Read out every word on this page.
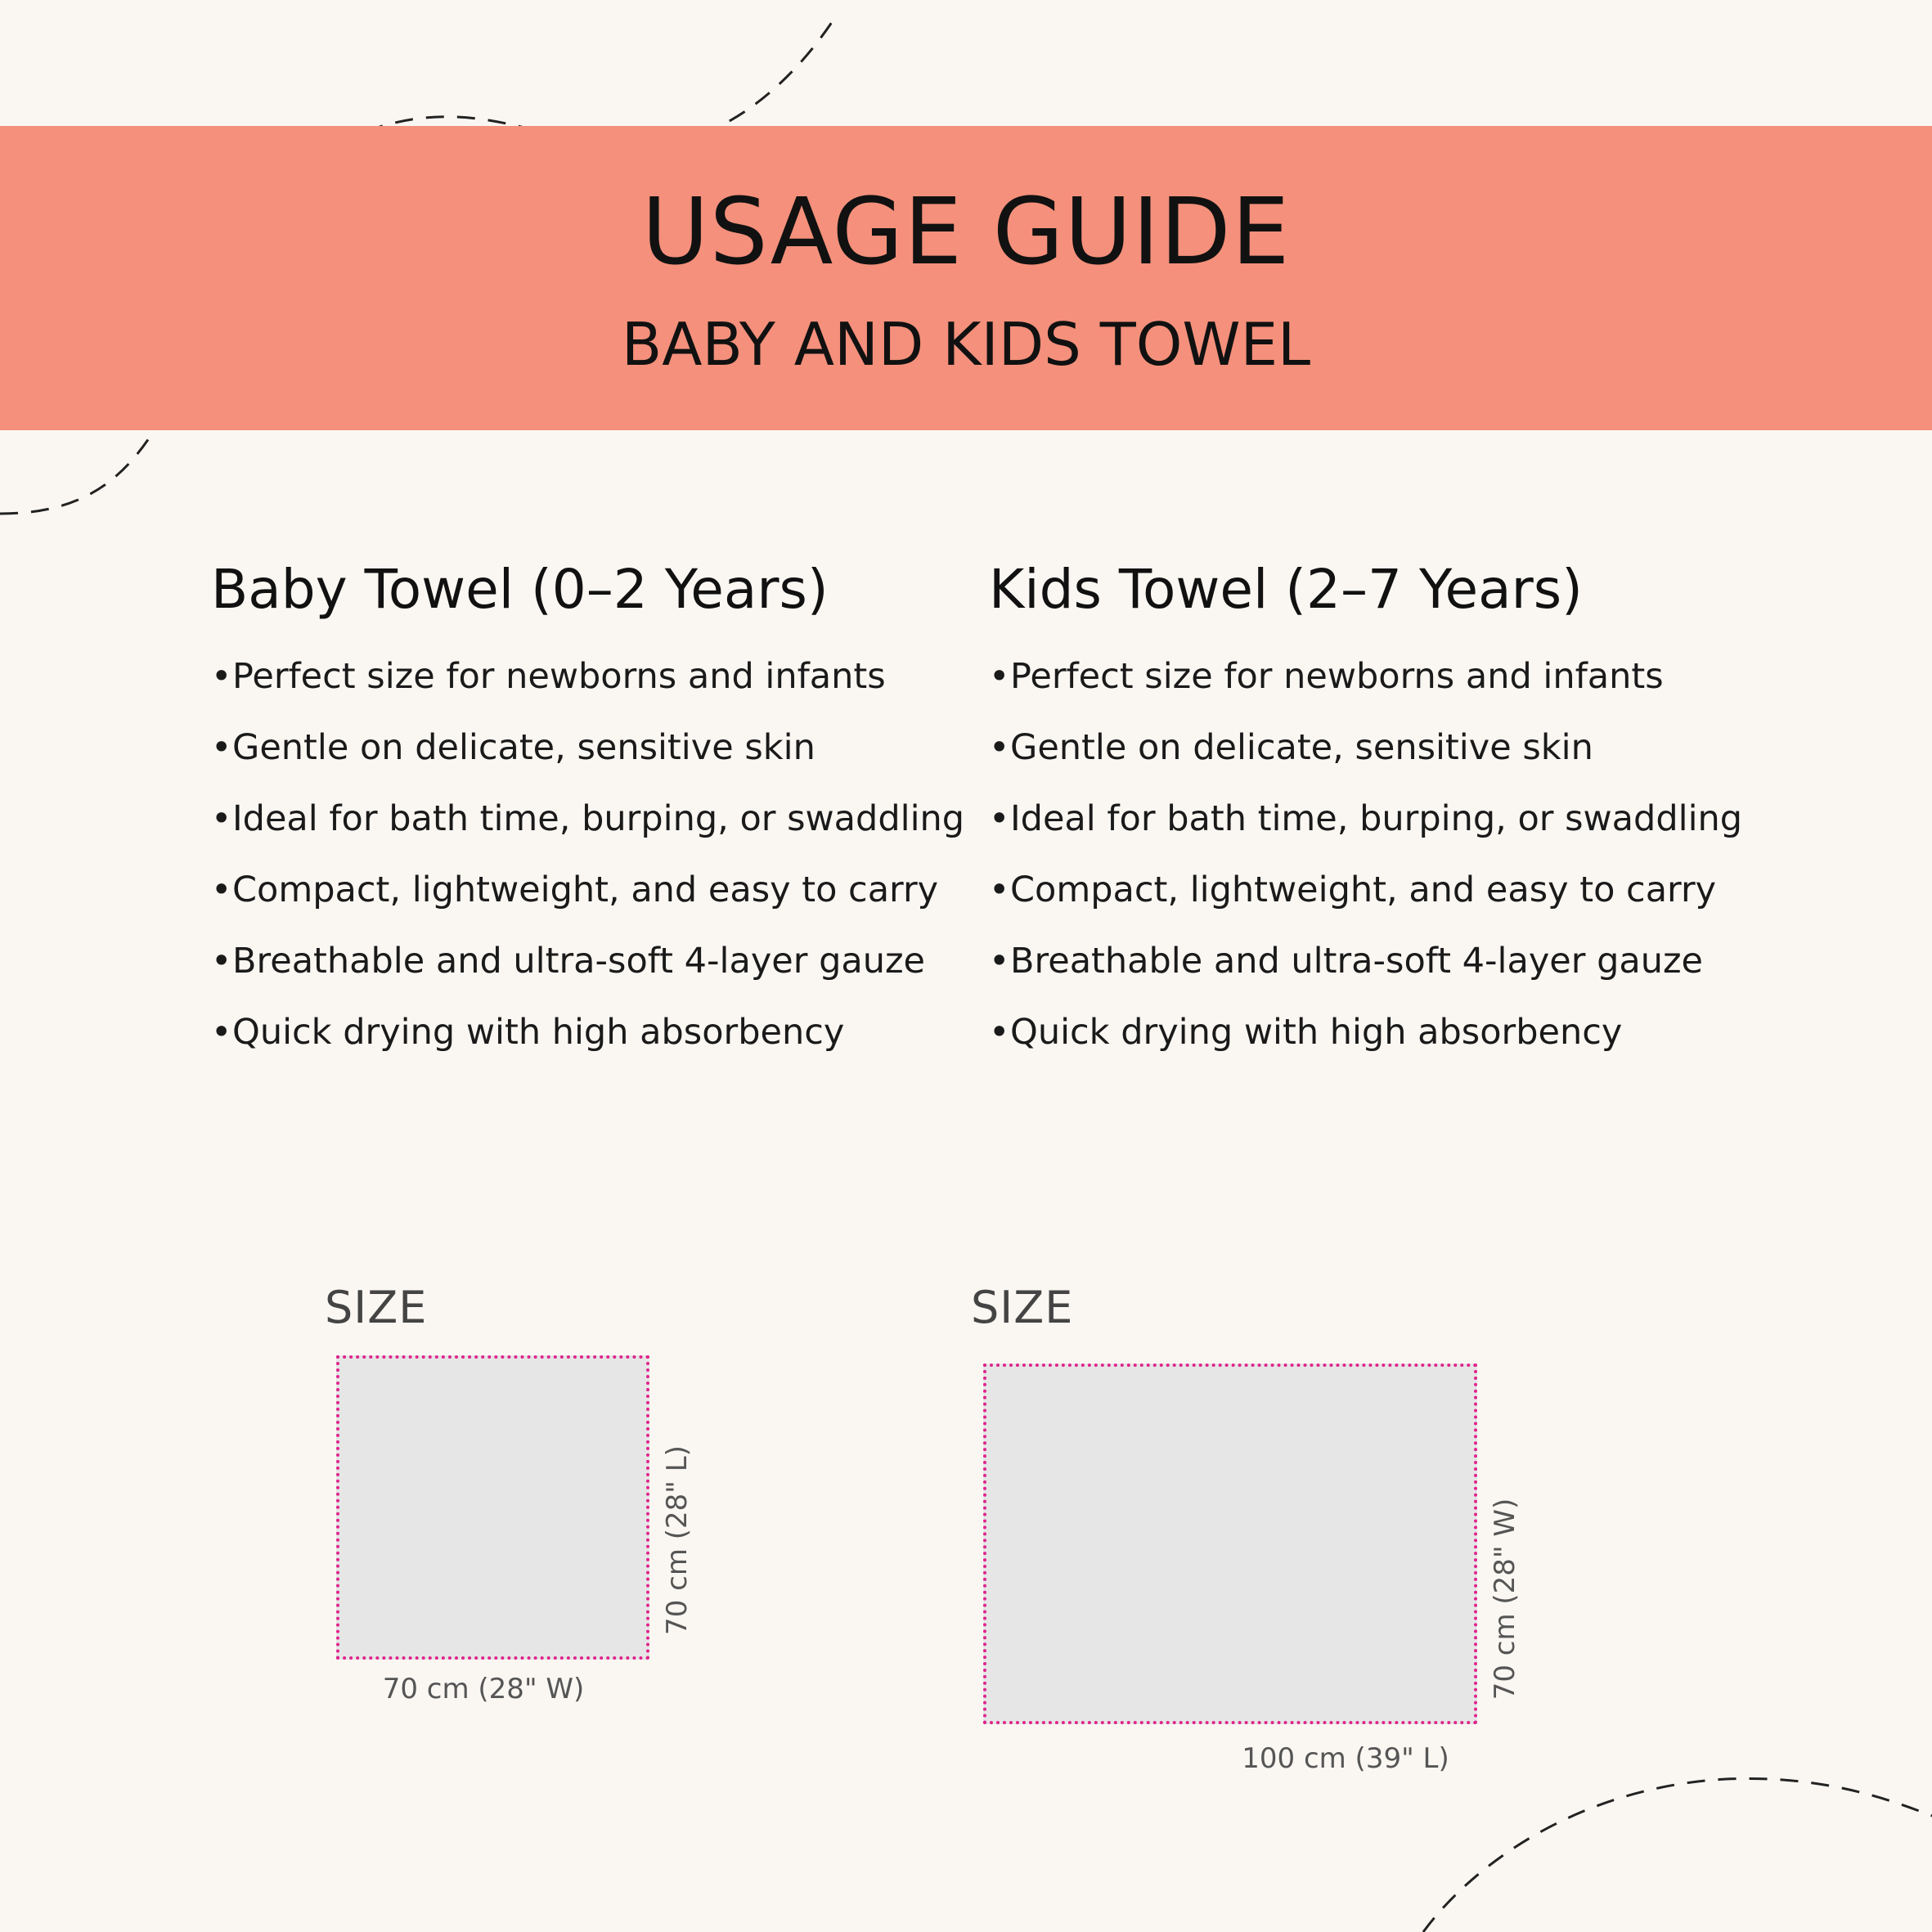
USAGE GUIDE
BABY AND KIDS TOWEL
Baby Towel (0–2 Years)
•Perfect size for newborns and infants
•Gentle on delicate, sensitive skin
•Ideal for bath time, burping, or swaddling
•Compact, lightweight, and easy to carry
•Breathable and ultra-soft 4-layer gauze
•Quick drying with high absorbency
Kids Towel (2–7 Years)
•Perfect size for newborns and infants
•Gentle on delicate, sensitive skin
•Ideal for bath time, burping, or swaddling
•Compact, lightweight, and easy to carry
•Breathable and ultra-soft 4-layer gauze
•Quick drying with high absorbency
SIZE
70 cm (28" W)
70 cm (28" L)
SIZE
100 cm (39" L)
70 cm (28" W)
